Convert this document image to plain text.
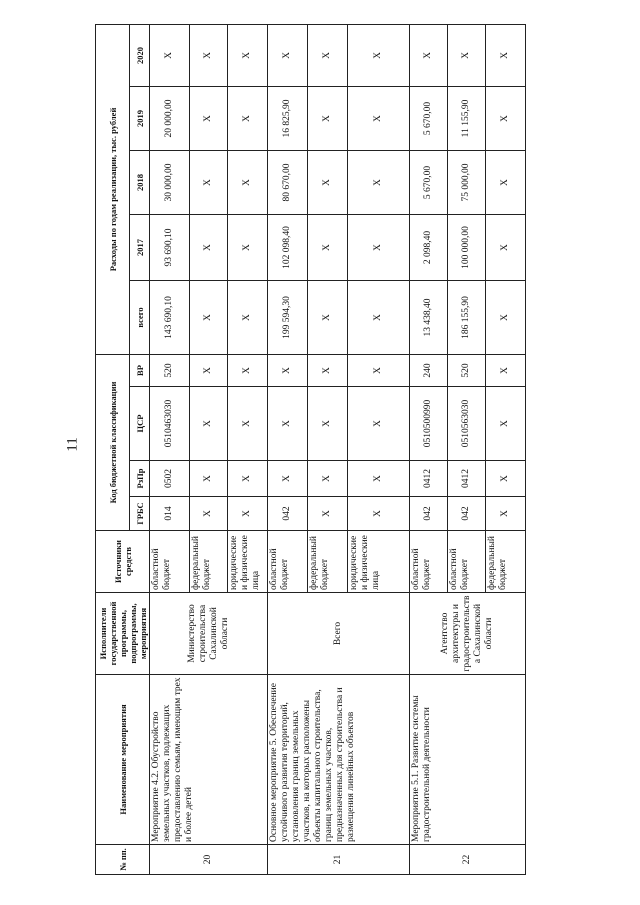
11
№ пп.	Наименование мероприятия	Исполнители государственной программы, подпрограммы, мероприятия	Источники средств	Код бюджетной классификации				Расходы по годам реализации, тыс. рублей				
				ГРБС	РзПр	ЦСР	ВР	всего	2017	2018	2019	2020
20	Мероприятие 4.2. Обустройство земельных участков, подлежащих предоставлению семьям, имеющим трех и более детей	Министерство строительства Сахалинской области	областной бюджет	014	0502	0510463030	520	143 690,10	93 690,10	30 000,00	20 000,00	X
			федеральный бюджет	X	X	X	X	X	X	X	X	X
			юридические и физические лица	X	X	X	X	X	X	X	X	X
21	Основное мероприятие 5. Обеспечение устойчивого развития территорий, установления границ земельных участков, на которых расположены объекты капитального строительства, границ земельных участков, предназначенных для строительства и размещения линейных объектов	Всего	областной бюджет	042	X	X	X	199 594,30	102 098,40	80 670,00	16 825,90	X
			федеральный бюджет	X	X	X	X	X	X	X	X	X
			юридические и физические лица	X	X	X	X	X	X	X	X	X
22	Мероприятие 5.1. Развитие системы градостроительной деятельности	Агентство архитектуры и градостроительства Сахалинской области	областной бюджет	042	0412	0510500990	240	13 438,40	2 098,40	5 670,00	5 670,00	X
			областной бюджет	042	0412	0510563030	520	186 155,90	100 000,00	75 000,00	11 155,90	X
			федеральный бюджет	X	X	X	X	X	X	X	X	X
